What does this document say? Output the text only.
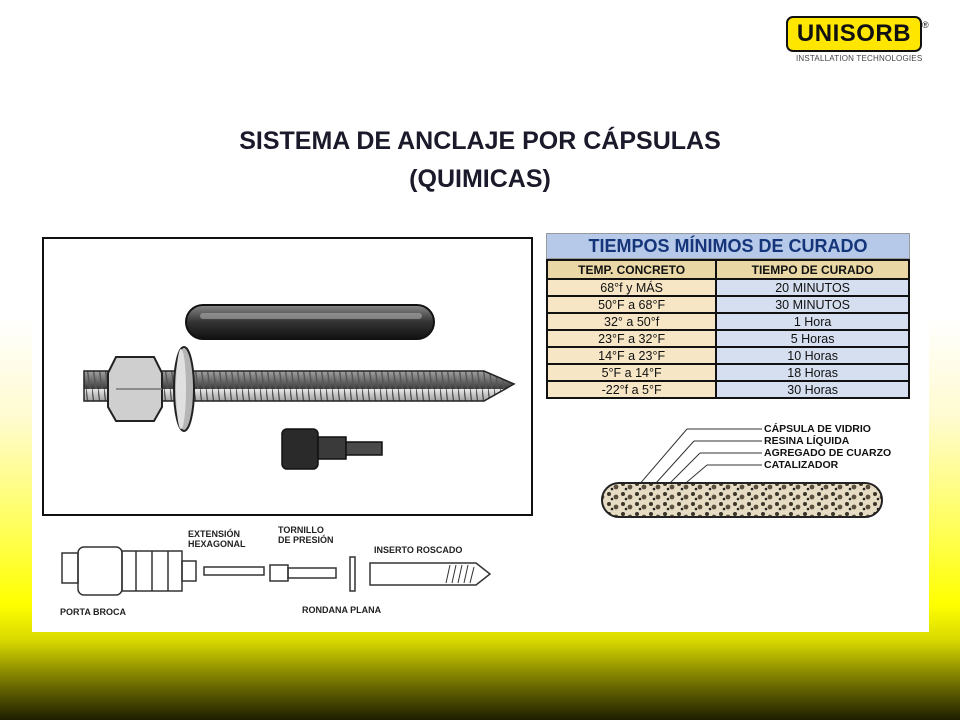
UNISORB	®
INSTALLATION TECHNOLOGIES
SISTEMA DE ANCLAJE POR CÁPSULAS
(QUIMICAS)
TIEMPOS MÍNIMOS DE CURADO
TEMP. CONCRETO	TIEMPO DE CURADO
68°f y MÁS	20 MINUTOS
50°F a 68°F	30 MINUTOS
32° a 50°f	1 Hora
23°F a 32°F	5 Horas
14°F a 23°F	10 Horas
5°F a 14°F	18 Horas
-22°f a 5°F	30 Horas
CÁPSULA DE VIDRIO
RESINA LÍQUIDA
AGREGADO DE CUARZO
CATALIZADOR
PORTA BROCA
EXTENSIÓN
HEXAGONAL
TORNILLO
DE PRESIÓN
INSERTO ROSCADO
RONDANA PLANA
